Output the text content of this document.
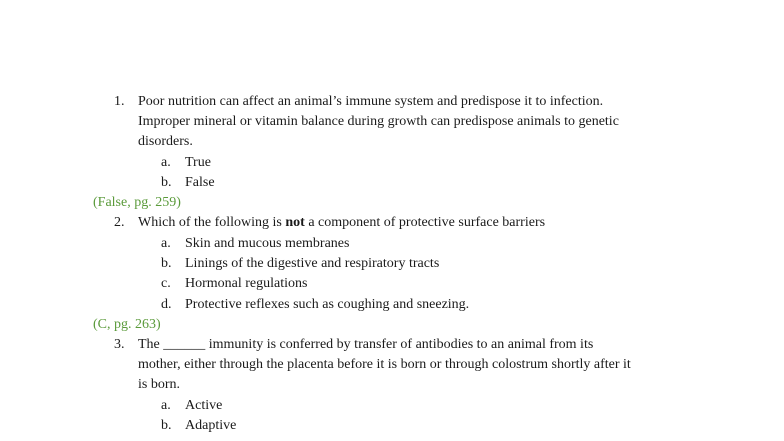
1. Poor nutrition can affect an animal’s immune system and predispose it to infection.
Improper mineral or vitamin balance during growth can predispose animals to genetic
disorders.
a. True
b. False
(False, pg. 259)
2. Which of the following is not a component of protective surface barriers
a. Skin and mucous membranes
b. Linings of the digestive and respiratory tracts
c. Hormonal regulations
d. Protective reflexes such as coughing and sneezing.
(C, pg. 263)
3. The ______ immunity is conferred by transfer of antibodies to an animal from its
mother, either through the placenta before it is born or through colostrum shortly after it
is born.
a. Active
b. Adaptive
